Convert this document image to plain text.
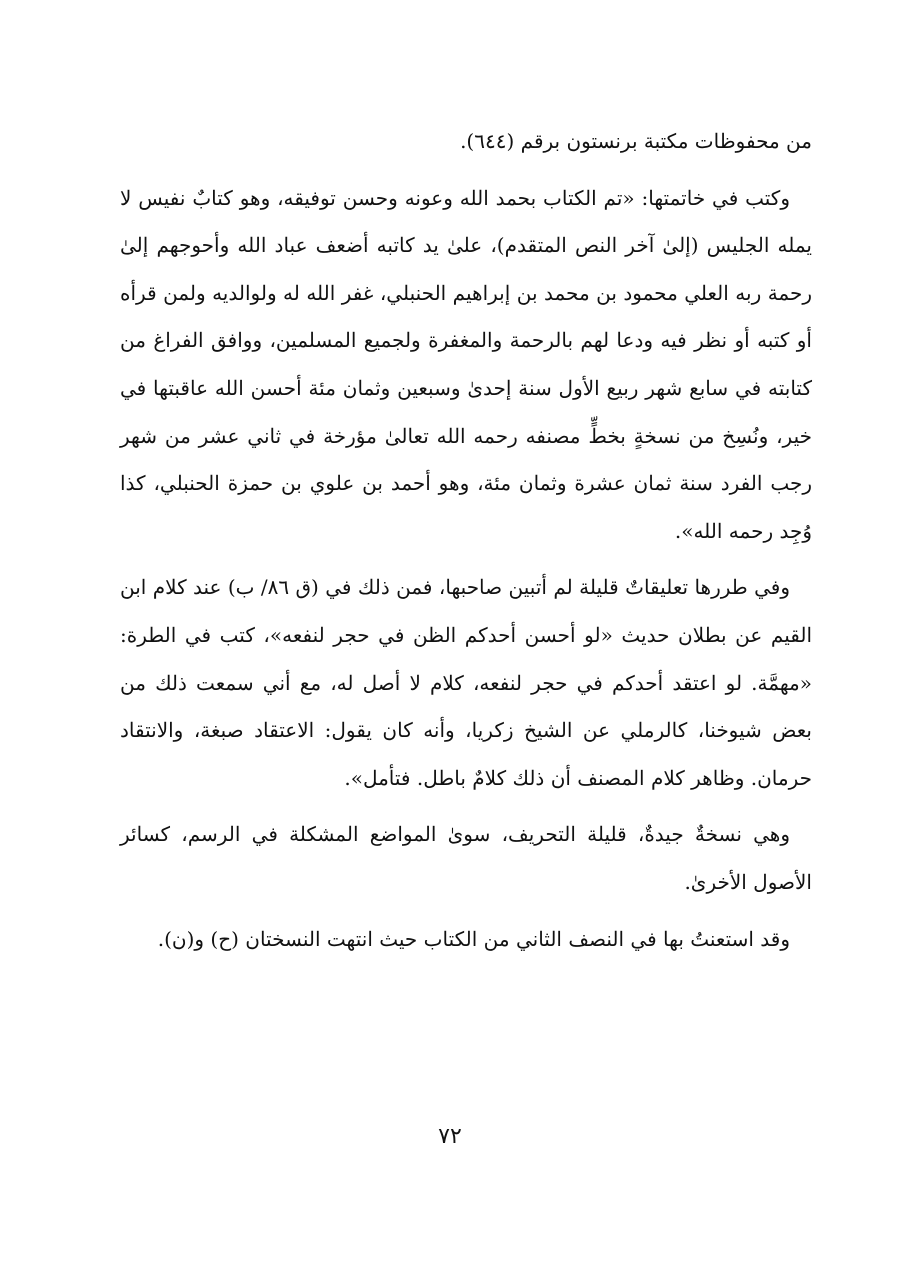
من محفوظات مكتبة برنستون برقم (٦٤٤).

وكتب في خاتمتها: «تم الكتاب بحمد الله وعونه وحسن توفيقه، وهو كتابٌ نفيس لا يمله الجليس (إلىٰ آخر النص المتقدم)، علىٰ يد كاتبه أضعف عباد الله وأحوجهم إلىٰ رحمة ربه العلي محمود بن محمد بن إبراهيم الحنبلي، غفر الله له ولوالديه ولمن قرأه أو كتبه أو نظر فيه ودعا لهم بالرحمة والمغفرة ولجميع المسلمين، ووافق الفراغ من كتابته في سابع شهر ربيع الأول سنة إحدىٰ وسبعين وثمان مئة أحسن الله عاقبتها في خير، ونُسِخ من نسخةٍ بخطٍّ مصنفه رحمه الله تعالىٰ مؤرخة في ثاني عشر من شهر رجب الفرد سنة ثمان عشرة وثمان مئة، وهو أحمد بن علوي بن حمزة الحنبلي، كذا وُجِد رحمه الله».

وفي طررها تعليقاتٌ قليلة لم أتبين صاحبها، فمن ذلك في (ق ٨٦/ ب) عند كلام ابن القيم عن بطلان حديث «لو أحسن أحدكم الظن في حجر لنفعه»، كتب في الطرة: «مهمَّة. لو اعتقد أحدكم في حجر لنفعه، كلام لا أصل له، مع أني سمعت ذلك من بعض شيوخنا، كالرملي عن الشيخ زكريا، وأنه كان يقول: الاعتقاد صبغة، والانتقاد حرمان. وظاهر كلام المصنف أن ذلك كلامٌ باطل. فتأمل».

وهي نسخةٌ جيدةٌ، قليلة التحريف، سوىٰ المواضع المشكلة في الرسم، كسائر الأصول الأخرىٰ.

وقد استعنتُ بها في النصف الثاني من الكتاب حيث انتهت النسختان (ح) و(ن).

٧٢
